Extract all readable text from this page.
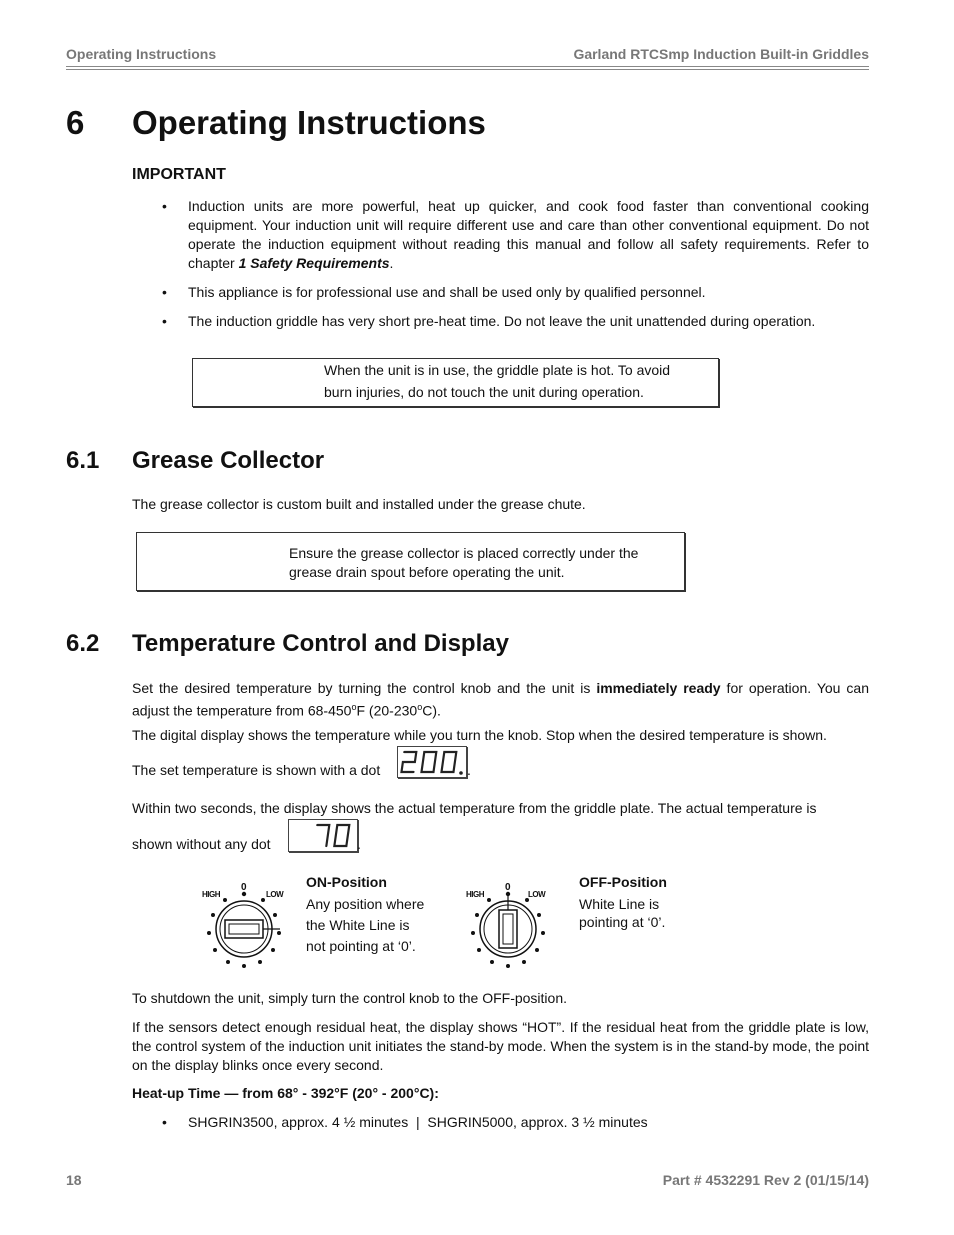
Operating Instructions	Garland RTCSmp Induction Built-in Griddles
6 Operating Instructions
IMPORTANT
• Induction units are more powerful, heat up quicker, and cook food faster than conventional cooking equipment. Your induction unit will require different use and care than other conventional equipment. Do not operate the induction equipment without reading this manual and follow all safety requirements. Refer to chapter 1 Safety Requirements.
• This appliance is for professional use and shall be used only by qualified personnel.
• The induction griddle has very short pre-heat time. Do not leave the unit unattended during operation.
When the unit is in use, the griddle plate is hot. To avoid
burn injuries, do not touch the unit during operation.
6.1 Grease Collector
The grease collector is custom built and installed under the grease chute.
Ensure the grease collector is placed correctly under the
grease drain spout before operating the unit.
6.2 Temperature Control and Display
Set the desired temperature by turning the control knob and the unit is immediately ready for operation. You can adjust the temperature from 68-450$^o$F (20-230$^o$C).
The digital display shows the temperature while you turn the knob. Stop when the desired temperature is shown.
The set temperature is shown with a dot	.
Within two seconds, the display shows the actual temperature from the griddle plate. The actual temperature is
shown without any dot	.
HIGH
0
LOW
ON-Position
Any position where
the White Line is
not pointing at ‘0’.
HIGH
0
LOW
OFF-Position
White Line is
pointing at ‘0’.
To shutdown the unit, simply turn the control knob to the OFF-position.
If the sensors detect enough residual heat, the display shows “HOT”. If the residual heat from the griddle plate is low, the control system of the induction unit initiates the stand-by mode. When the system is in the stand-by mode, the point on the display blinks once every second.
Heat-up Time — from 68° - 392°F (20° - 200°C):
• SHGRIN3500, approx. 4 ½ minutes  |  SHGRIN5000, approx. 3 ½ minutes
18	Part # 4532291 Rev 2 (01/15/14)
